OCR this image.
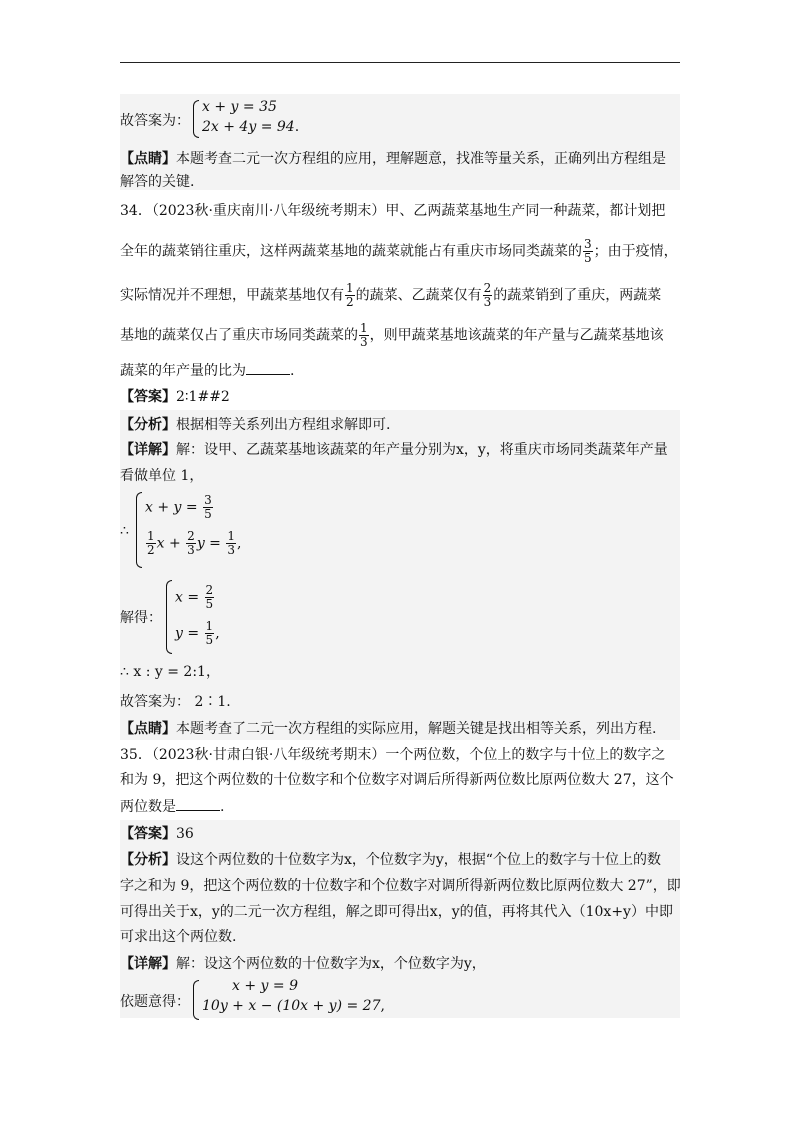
故答案为：
x + y = 35
2x + 4y = 94.
【点睛】本题考查二元一次方程组的应用，理解题意，找准等量关系，正确列出方程组是
解答的关键.
34．（2023秋·重庆南川·八年级统考期末）甲、乙两蔬菜基地生产同一种蔬菜，都计划把
全年的蔬菜销往重庆，这样两蔬菜基地的蔬菜就能占有重庆市场同类蔬菜的 $\frac{3}{5}$ ；由于疫情，
实际情况并不理想，甲蔬菜基地仅有 $\frac{1}{2}$ 的蔬菜、乙蔬菜仅有 $\frac{2}{3}$ 的蔬菜销到了重庆，两蔬菜
基地的蔬菜仅占了重庆市场同类蔬菜的 $\frac{1}{3}$ ，则甲蔬菜基地该蔬菜的年产量与乙蔬菜基地该
蔬菜的年产量的比为	.
【答案】2∶1##2
【分析】根据相等关系列出方程组求解即可.
【详解】解：设甲、乙蔬菜基地该蔬菜的年产量分别为x，y，将重庆市场同类蔬菜年产量
看做单位 1，
∴
$x + y = \frac{3}{5}$
$\frac{1}{2}$ $x + \frac{2}{3}$ $y = \frac{1}{3}$ ,
解得：
$x = \frac{2}{5}$
$y = \frac{1}{5}$ ,
∴ x : y = 2:1，
故答案为： 2∶1.
【点睛】本题考查了二元一次方程组的实际应用，解题关键是找出相等关系，列出方程.
35．（2023秋·甘肃白银·八年级统考期末）一个两位数，个位上的数字与十位上的数字之
和为 9，把这个两位数的十位数字和个位数字对调后所得新两位数比原两位数大 27，这个
两位数是	.
【答案】36
【分析】设这个两位数的十位数字为x，个位数字为y，根据“个位上的数字与十位上的数
字之和为 9，把这个两位数的十位数字和个位数字对调所得新两位数比原两位数大 27”，即
可得出关于x，y的二元一次方程组，解之即可得出x，y的值，再将其代入（10x+y）中即
可求出这个两位数.
【详解】解：设这个两位数的十位数字为x，个位数字为y，
依题意得：
x + y = 9
10y + x − (10x + y) = 27,
